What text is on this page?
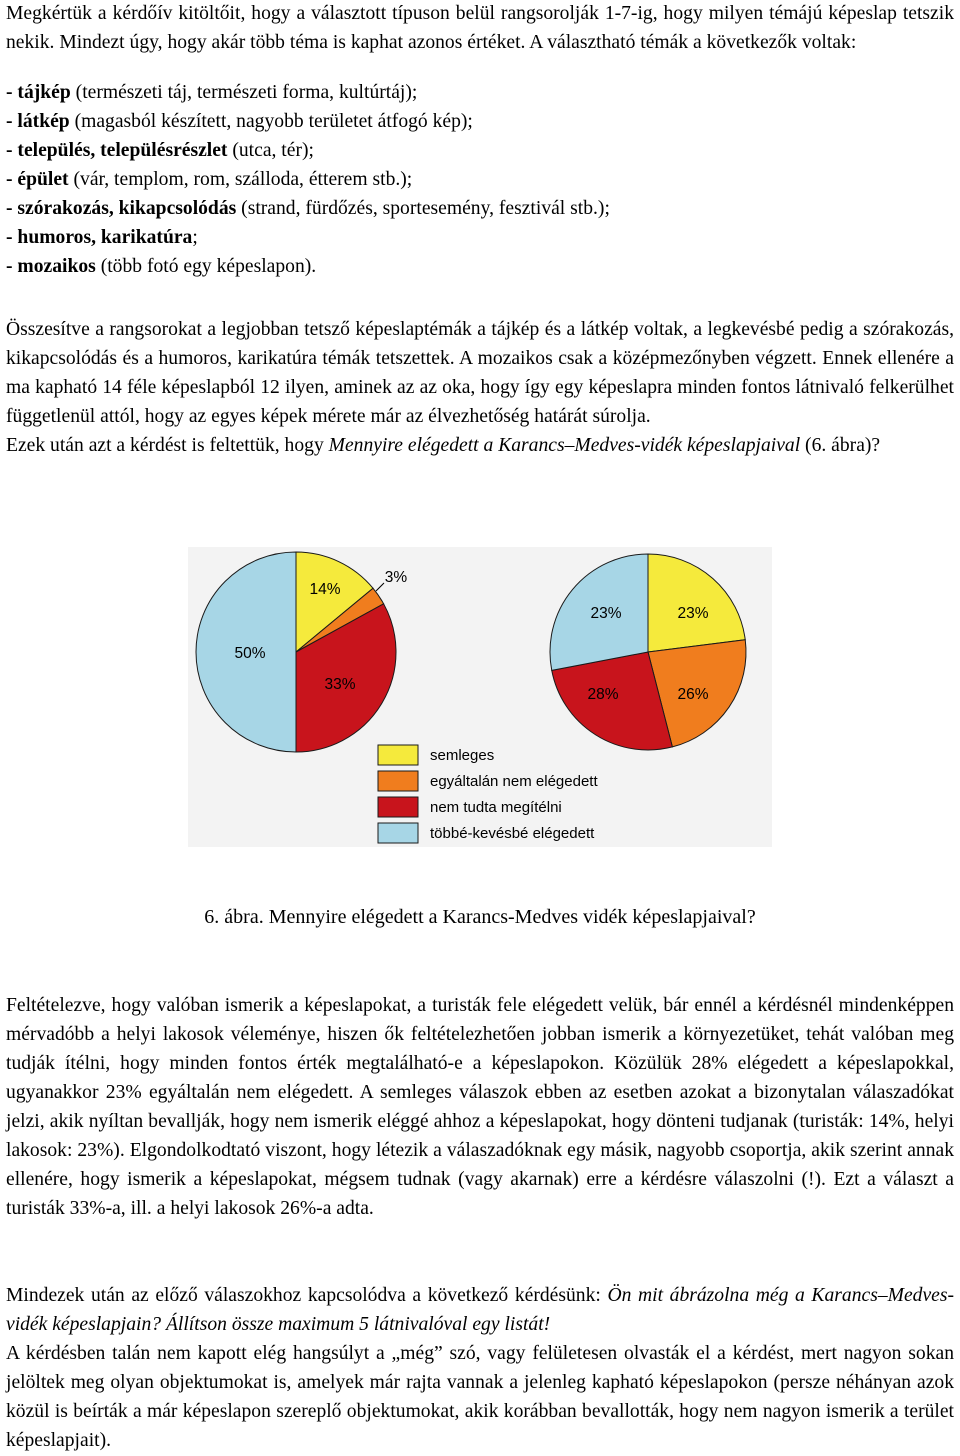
Megkértük a kérdőív kitöltőit, hogy a választott típuson belül rangsorolják 1-7-ig, hogy milyen témájú képeslap tetszik nekik. Mindezt úgy, hogy akár több téma is kaphat azonos értéket. A választható témák a következők voltak:

- tájkép (természeti táj, természeti forma, kultúrtáj);
- látkép (magasból készített, nagyobb területet átfogó kép);
- település, településrészlet (utca, tér);
- épület (vár, templom, rom, szálloda, étterem stb.);
- szórakozás, kikapcsolódás (strand, fürdőzés, sportesemény, fesztivál stb.);
- humoros, karikatúra;
- mozaikos (több fotó egy képeslapon).

Összesítve a rangsorokat a legjobban tetsző képeslaptémák a tájkép és a látkép voltak, a legkevésbé pedig a szórakozás, kikapcsolódás és a humoros, karikatúra témák tetszettek. A mozaikos csak a középmezőnyben végzett. Ennek ellenére a ma kapható 14 féle képeslapból 12 ilyen, aminek az az oka, hogy így egy képeslapra minden fontos látnivaló felkerülhet függetlenül attól, hogy az egyes képek mérete már az élvezhetőség határát súrolja.
Ezek után azt a kérdést is feltettük, hogy Mennyire elégedett a Karancs–Medves-vidék képeslapjaival (6. ábra)?

14%
3%
33%
50%
23%	23%
26%
28%
semleges
egyáltalán nem elégedett
nem tudta megítélni
többé-kevésbé elégedett
6. ábra. Mennyire elégedett a Karancs-Medves vidék képeslapjaival?

Feltételezve, hogy valóban ismerik a képeslapokat, a turisták fele elégedett velük, bár ennél a kérdésnél mindenképpen mérvadóbb a helyi lakosok véleménye, hiszen ők feltételezhetően jobban ismerik a környezetüket, tehát valóban meg tudják ítélni, hogy minden fontos érték megtalálható-e a képeslapokon. Közülük 28% elégedett a képeslapokkal, ugyanakkor 23% egyáltalán nem elégedett. A semleges válaszok ebben az esetben azokat a bizonytalan válaszadókat jelzi, akik nyíltan bevallják, hogy nem ismerik eléggé ahhoz a képeslapokat, hogy dönteni tudjanak (turisták: 14%, helyi lakosok: 23%). Elgondolkodtató viszont, hogy létezik a válaszadóknak egy másik, nagyobb csoportja, akik szerint annak ellenére, hogy ismerik a képeslapokat, mégsem tudnak (vagy akarnak) erre a kérdésre válaszolni (!). Ezt a választ a turisták 33%-a, ill. a helyi lakosok 26%-a adta.

Mindezek után az előző válaszokhoz kapcsolódva a következő kérdésünk: Ön mit ábrázolna még a Karancs–Medves-vidék képeslapjain? Állítson össze maximum 5 látnivalóval egy listát!

A kérdésben talán nem kapott elég hangsúlyt a „még” szó, vagy felületesen olvasták el a kérdést, mert nagyon sokan jelöltek meg olyan objektumokat is, amelyek már rajta vannak a jelenleg kapható képeslapokon (persze néhányan azok közül is beírták a már képeslapon szereplő objektumokat, akik korábban bevallották, hogy nem nagyon ismerik a terület képeslapjait).
